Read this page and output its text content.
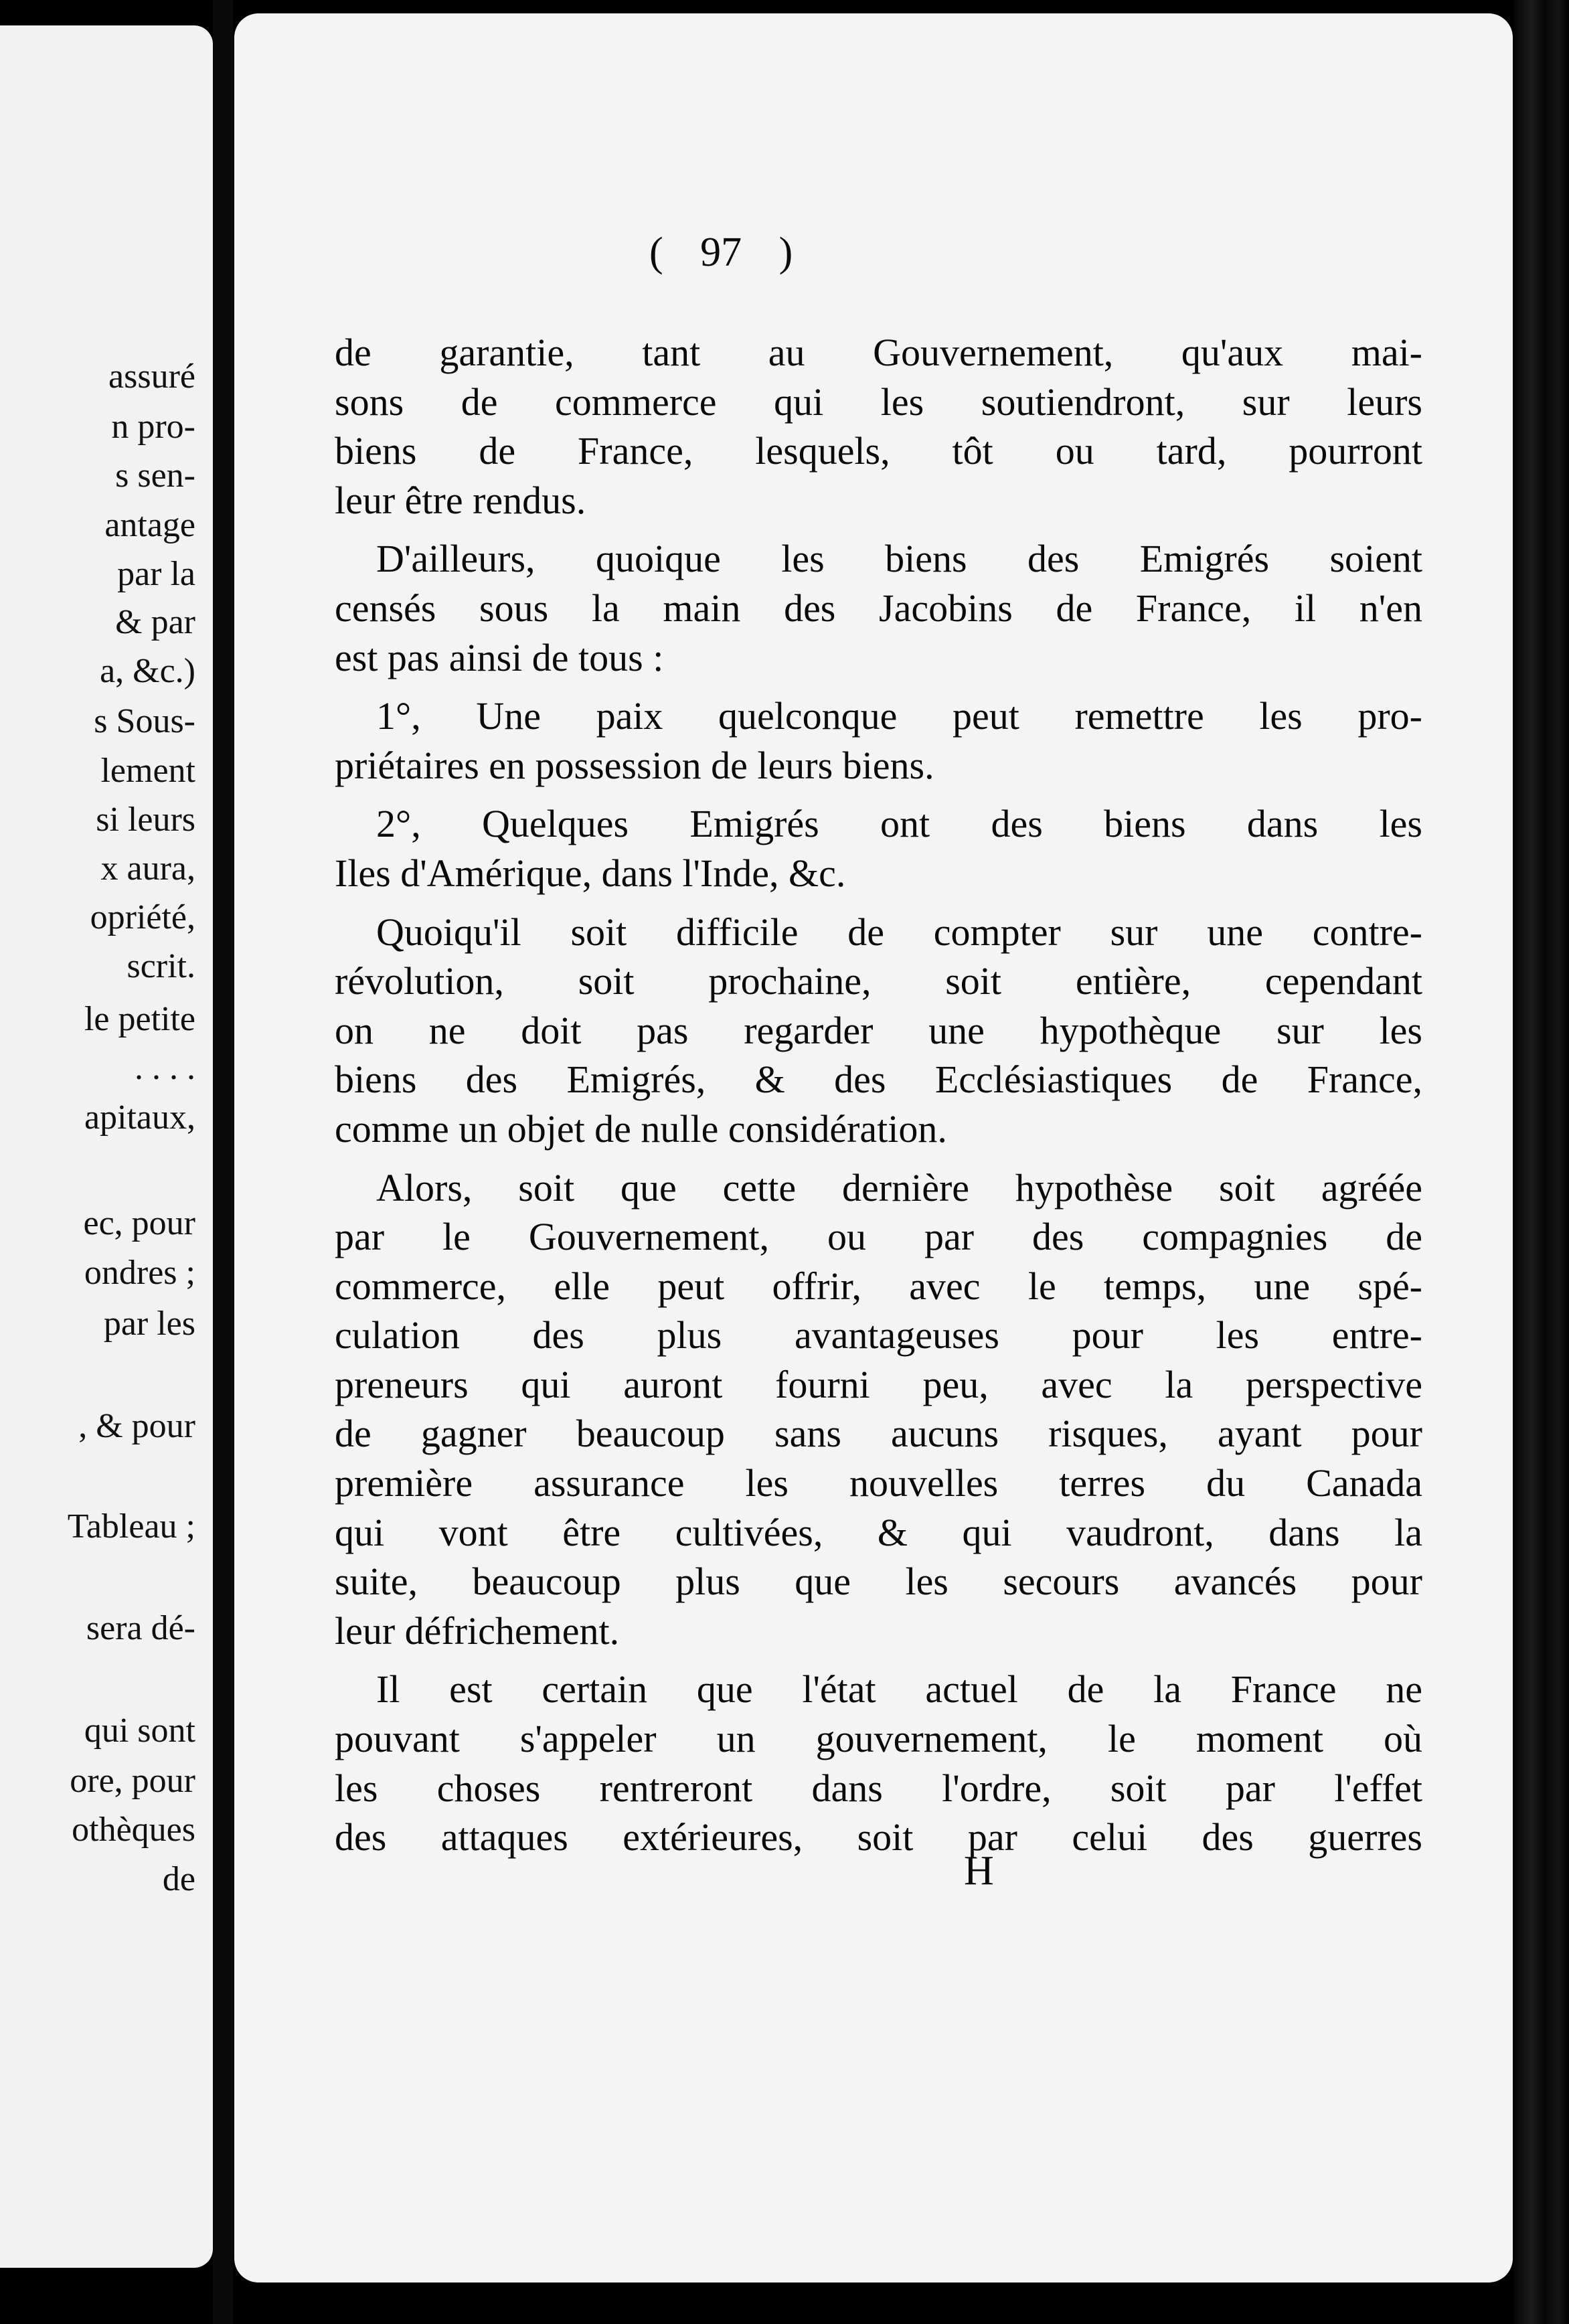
assuré
n pro-
s sen-
antage
par la
& par
a, &c.)
s Sous-
lement
si leurs
x aura,
opriété,
scrit.
le petite
. . . .
apitaux,
ec, pour
ondres ;
par les
, & pour
Tableau ;
sera dé-
qui sont
ore, pour
othèques
de
( 97 )
de garantie, tant au Gouvernement, qu'aux mai-
sons de commerce qui les soutiendront, sur leurs
biens de France, lesquels, tôt ou tard, pourront
leur être rendus.
D'ailleurs, quoique les biens des Emigrés soient
censés sous la main des Jacobins de France, il n'en
est pas ainsi de tous :
1°, Une paix quelconque peut remettre les pro-
priétaires en possession de leurs biens.
2°, Quelques Emigrés ont des biens dans les
Iles d'Amérique, dans l'Inde, &c.
Quoiqu'il soit difficile de compter sur une contre-
révolution, soit prochaine, soit entière, cependant
on ne doit pas regarder une hypothèque sur les
biens des Emigrés, & des Ecclésiastiques de France,
comme un objet de nulle considération.
Alors, soit que cette dernière hypothèse soit agréée
par le Gouvernement, ou par des compagnies de
commerce, elle peut offrir, avec le temps, une spé-
culation des plus avantageuses pour les entre-
preneurs qui auront fourni peu, avec la perspective
de gagner beaucoup sans aucuns risques, ayant pour
première assurance les nouvelles terres du Canada
qui vont être cultivées, & qui vaudront, dans la
suite, beaucoup plus que les secours avancés pour
leur défrichement.
Il est certain que l'état actuel de la France ne
pouvant s'appeler un gouvernement, le moment où
les choses rentreront dans l'ordre, soit par l'effet
des attaques extérieures, soit par celui des guerres
H
